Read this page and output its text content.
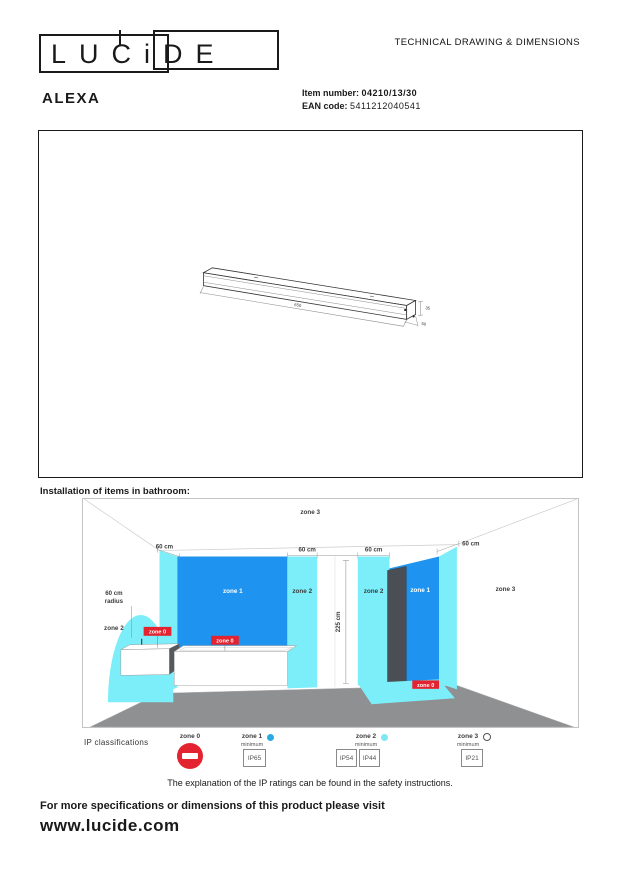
LUCiDE	TECHNICAL DRAWING & DIMENSIONS
ALEXA	Item number: 04210/13/30
EAN code: 5411212040541
650	35
60
Installation of items in bathroom:
zone 0
zone 0
zone 0
zone 3
60 cm	60 cm	60 cm
60 cm
zone 1	zone 2	zone 2	zone 1	zone 3
zone 2
60 cm
radius
225 cm
IP classifications
zone 0	zone 1
minimum
IP65
zone 2
minimum
IP54	IP44
zone 3
minimum
IP21
The explanation of the IP ratings can be found in the safety instructions.
For more specifications or dimensions of this product please visit
www.lucide.com
